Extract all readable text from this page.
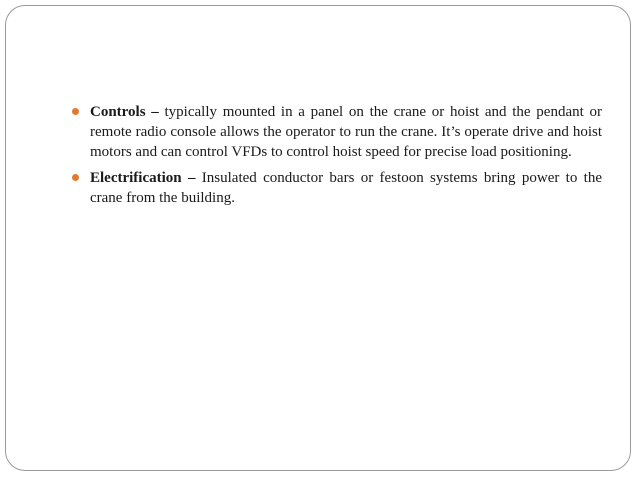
Controls – typically mounted in a panel on the crane or hoist and the pendant or remote radio console allows the operator to run the crane. It’s operate drive and hoist motors and can control VFDs to control hoist speed for precise load positioning.
Electrification – Insulated conductor bars or festoon systems bring power to the crane from the building.
